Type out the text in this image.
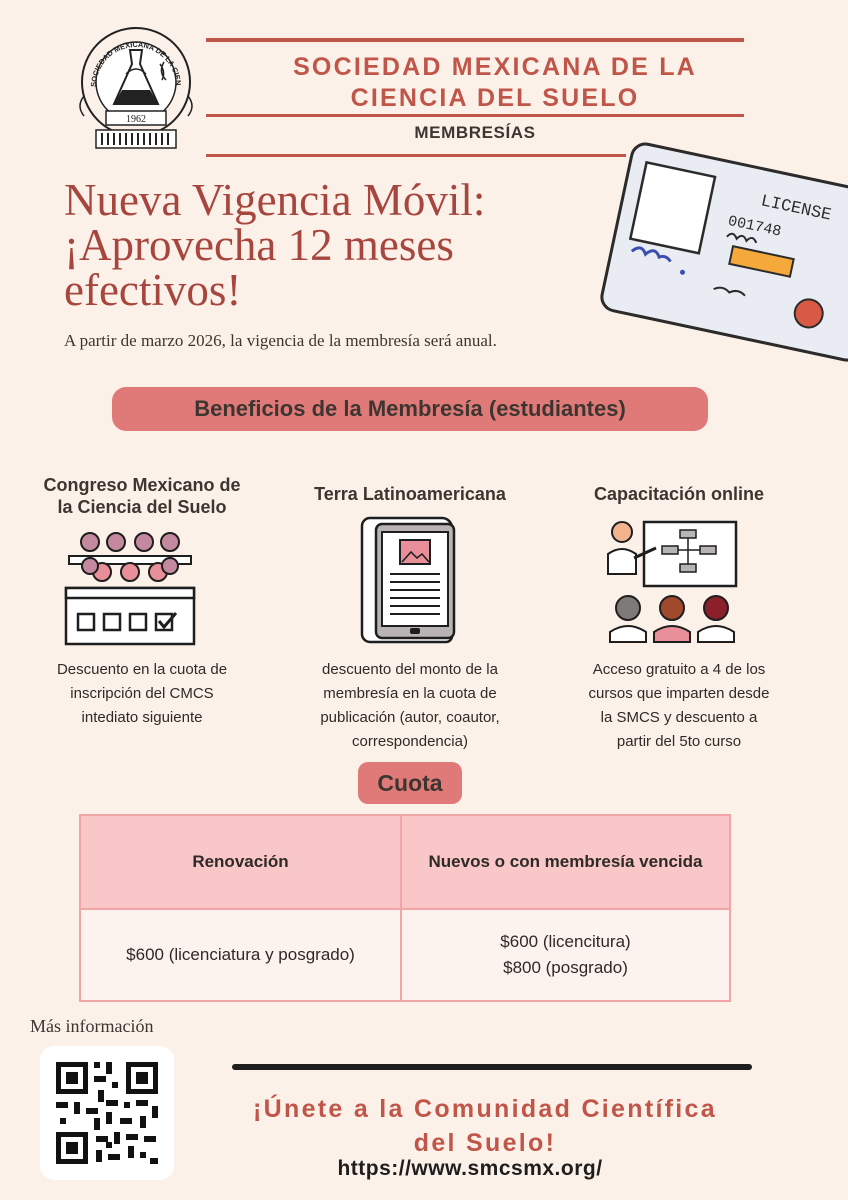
SOCIEDAD MEXICANA DE LA CIEN
1962
SOCIEDAD MEXICANA DE LA
CIENCIA DEL SUELO
MEMBRESÍAS
LICENSE
001748
Nueva Vigencia Móvil:
¡Aprovecha 12 meses
efectivos!
A partir de marzo 2026, la vigencia de la membresía será anual.
Beneficios de la Membresía (estudiantes)
Congreso Mexicano de
la Ciencia del Suelo
Descuento en la cuota de
inscripción del CMCS
intediato siguiente
Terra Latinoamericana
descuento del monto de la
membresía en la cuota de
publicación (autor, coautor,
correspondencia)
Capacitación online
Acceso gratuito a 4 de los
cursos que imparten desde
la SMCS y descuento a
partir del 5to curso
Cuota
Renovación	Nuevos o con membresía vencida
$600 (licenciatura y posgrado)	$600 (licencitura)
$800 (posgrado)
Más información
¡Únete a la Comunidad Científica
del Suelo!
https://www.smcsmx.org/
